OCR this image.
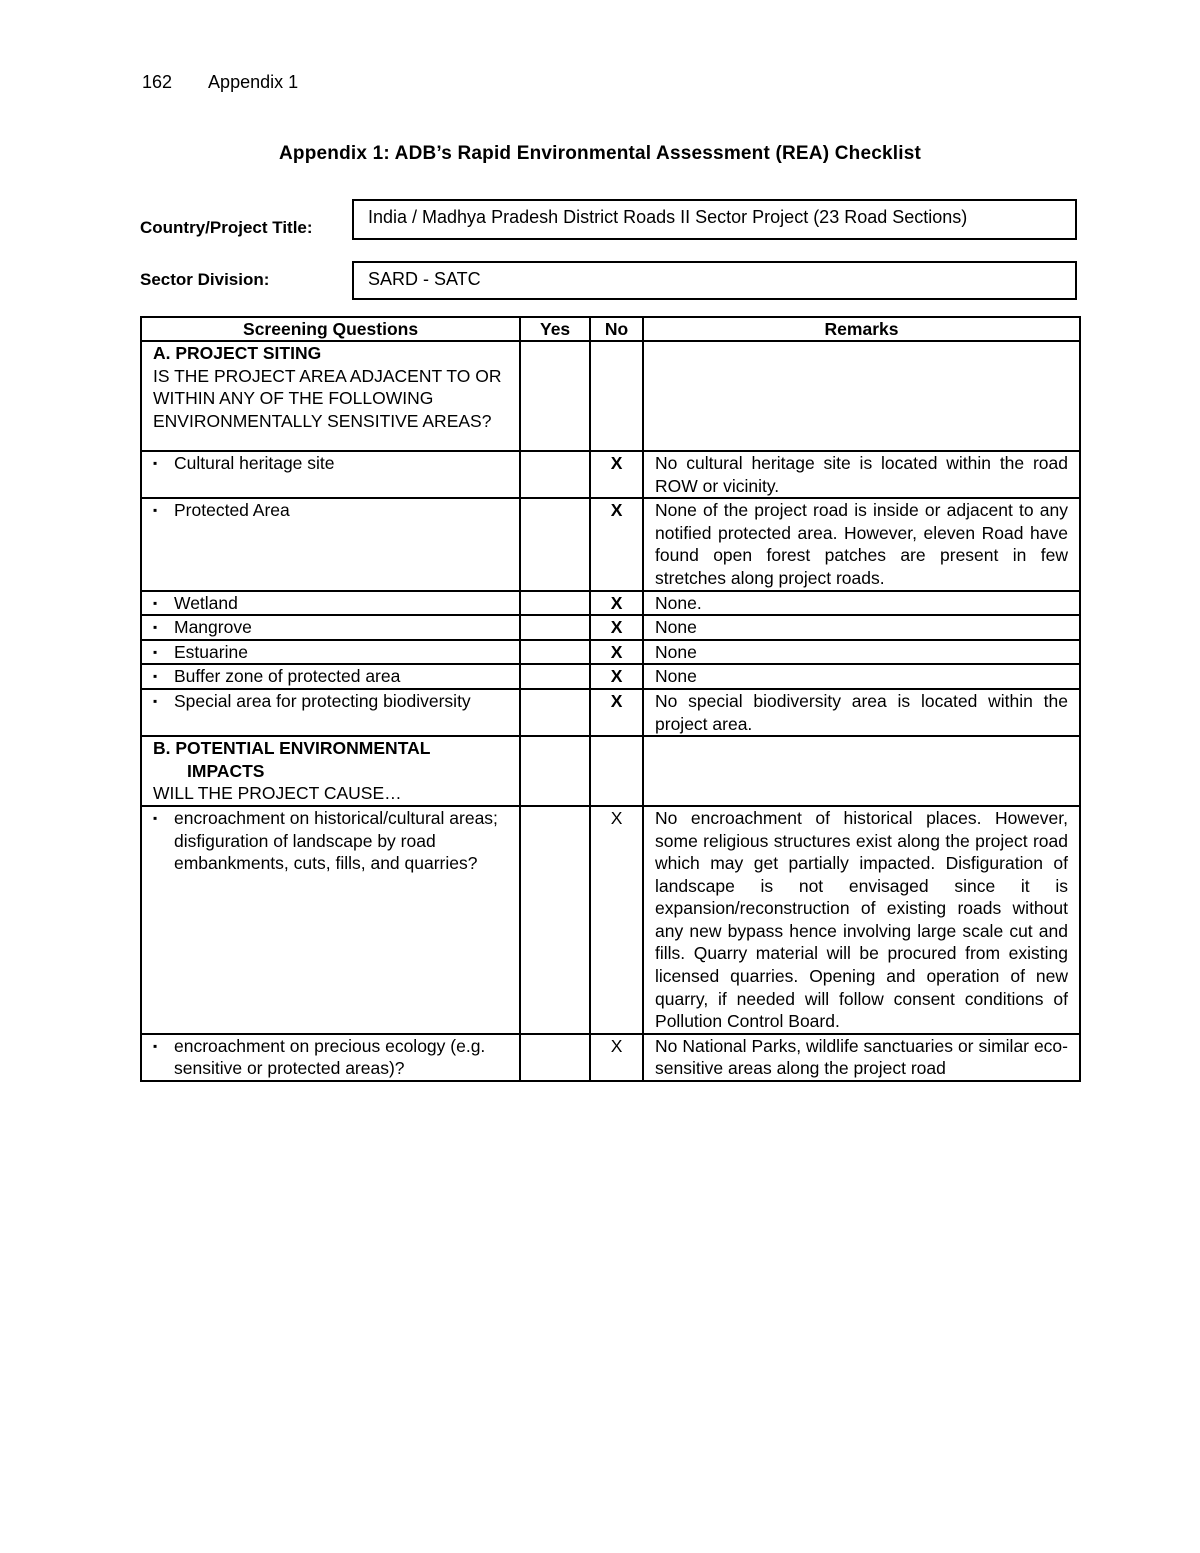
162 Appendix 1
Appendix 1: ADB’s Rapid Environmental Assessment (REA) Checklist
Country/Project Title:
India / Madhya Pradesh District Roads II Sector Project (23 Road Sections)
Sector Division:	SARD - SATC
Screening Questions	Yes	No	Remarks

A. PROJECT SITING
IS THE PROJECT AREA ADJACENT TO OR WITHIN ANY OF THE FOLLOWING ENVIRONMENTALLY SENSITIVE AREAS?			

▪ Cultural heritage site		X	No cultural heritage site is located within the road ROW or vicinity.

▪ Protected Area		X	None of the project road is inside or adjacent to any notified protected area. However, eleven Road have found open forest patches are present in few stretches along project roads.

▪ Wetland		X	None.

▪ Mangrove		X	None

▪ Estuarine		X	None

▪ Buffer zone of protected area		X	None

▪ Special area for protecting biodiversity		X	No special biodiversity area is located within the project area.

B. POTENTIAL ENVIRONMENTAL
IMPACTS
WILL THE PROJECT CAUSE…			

▪ encroachment on historical/cultural areas; disfiguration of landscape by road embankments, cuts, fills, and quarries?		X	No encroachment of historical places. However, some religious structures exist along the project road which may get partially impacted. Disfiguration of landscape is not envisaged since it is expansion/reconstruction of existing roads without any new bypass hence involving large scale cut and fills. Quarry material will be procured from existing licensed quarries. Opening and operation of new quarry, if needed will follow consent conditions of Pollution Control Board.

▪ encroachment on precious ecology (e.g. sensitive or protected areas)?		X	No National Parks, wildlife sanctuaries or similar eco-sensitive areas along the project road
